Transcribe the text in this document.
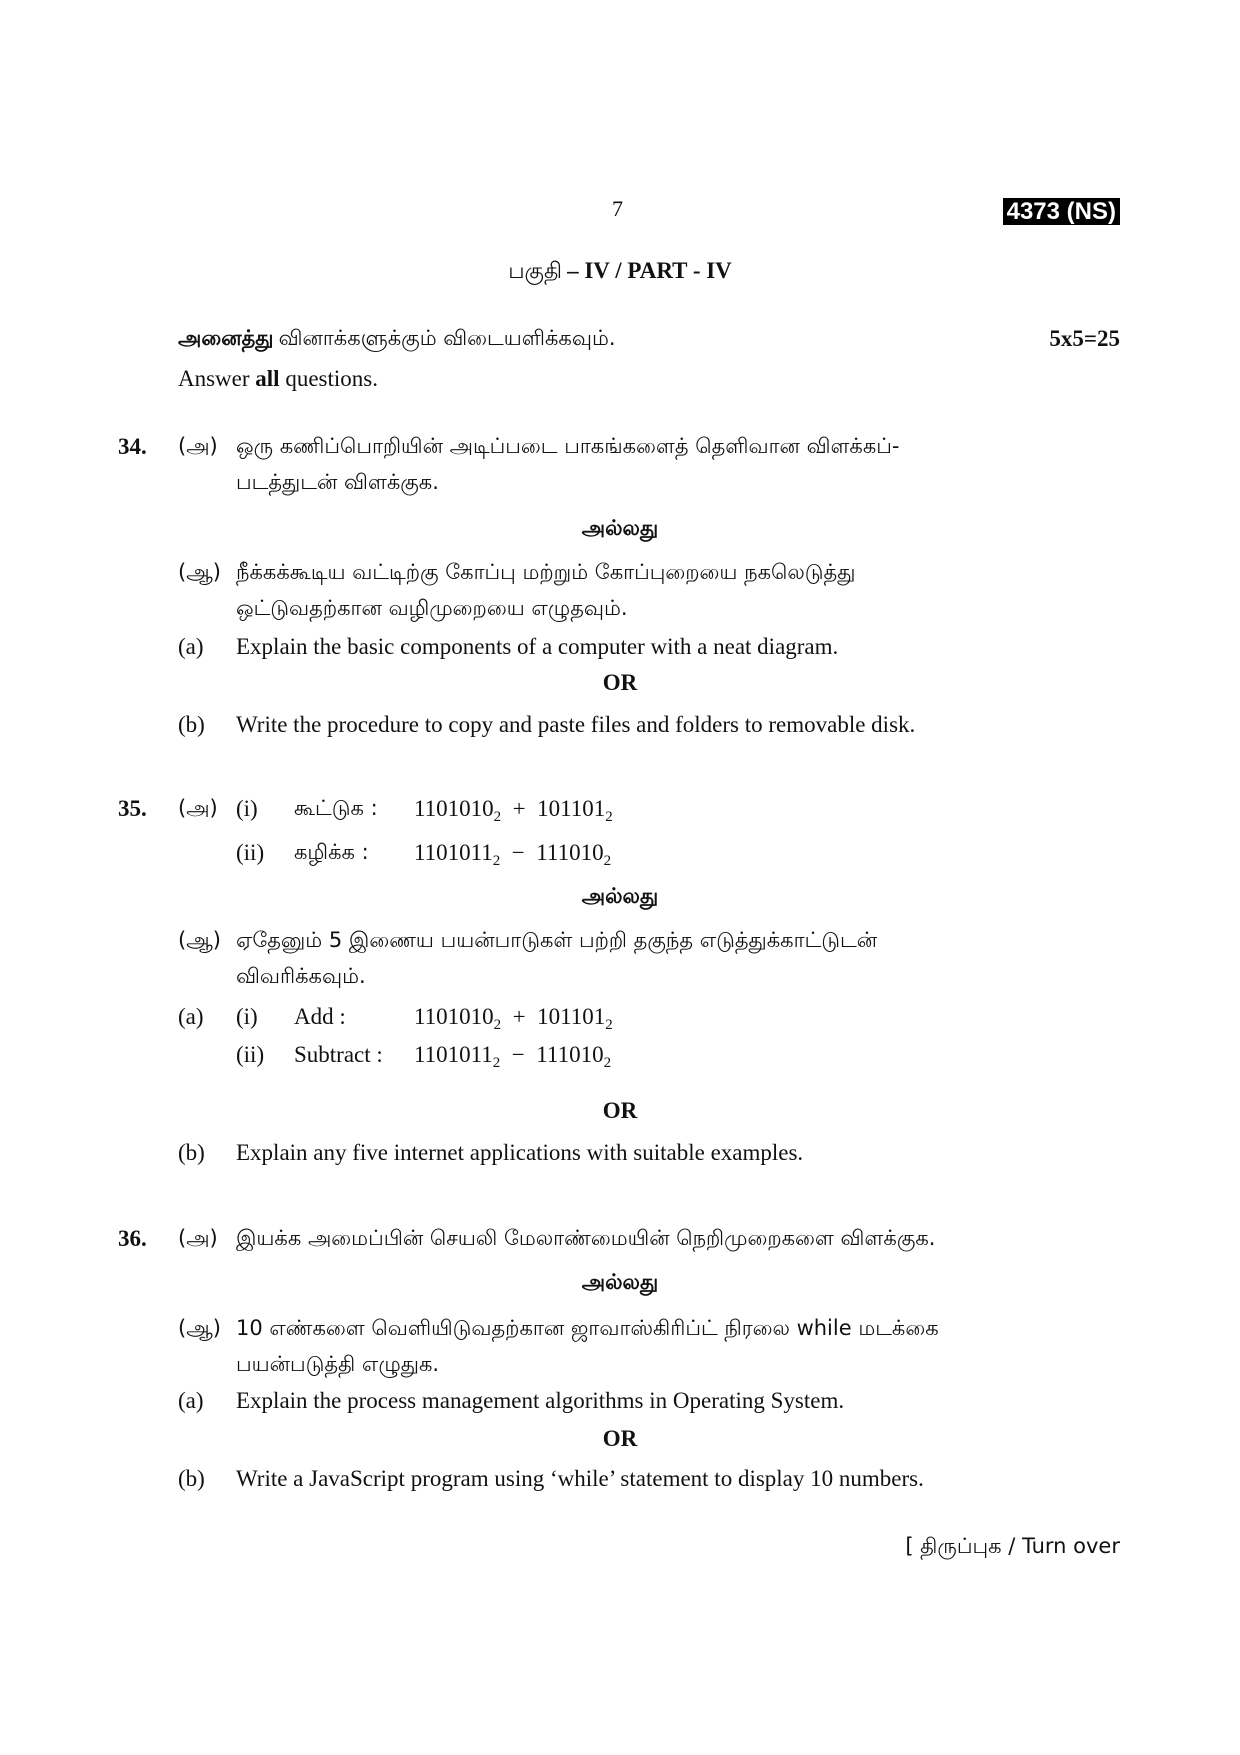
7	4373 (NS)
பகுதி – IV / PART - IV
அனைத்து வினாக்களுக்கும் விடையளிக்கவும்.	5x5=25
Answer all questions.
34. (அ) ஒரு கணிப்பொறியின் அடிப்படை பாகங்களைத் தெளிவான விளக்கப்-
படத்துடன் விளக்குக.
அல்லது
(ஆ) நீக்கக்கூடிய வட்டிற்கு கோப்பு மற்றும் கோப்புறையை நகலெடுத்து
ஒட்டுவதற்கான வழிமுறையை எழுதவும்.
(a) Explain the basic components of a computer with a neat diagram.
OR
(b) Write the procedure to copy and paste files and folders to removable disk.
35. (அ) (i) கூட்டுக : $1101010_2 + 101101_2$
(ii) கழிக்க : $1101011_2 - 111010_2$
அல்லது
(ஆ) ஏதேனும் 5 இணைய பயன்பாடுகள் பற்றி தகுந்த எடுத்துக்காட்டுடன்
விவரிக்கவும்.
(a) (i) Add :	$1101010_2 + 101101_2$
(ii) Subtract : $1101011_2 - 111010_2$
OR
(b) Explain any five internet applications with suitable examples.
36. (அ) இயக்க அமைப்பின் செயலி மேலாண்மையின் நெறிமுறைகளை விளக்குக.
அல்லது
(ஆ) 10 எண்களை வெளியிடுவதற்கான ஜாவாஸ்கிரிப்ட் நிரலை while மடக்கை
பயன்படுத்தி எழுதுக.
(a) Explain the process management algorithms in Operating System.
OR
(b) Write a JavaScript program using ‘while’ statement to display 10 numbers.
[ திருப்புக / Turn over
